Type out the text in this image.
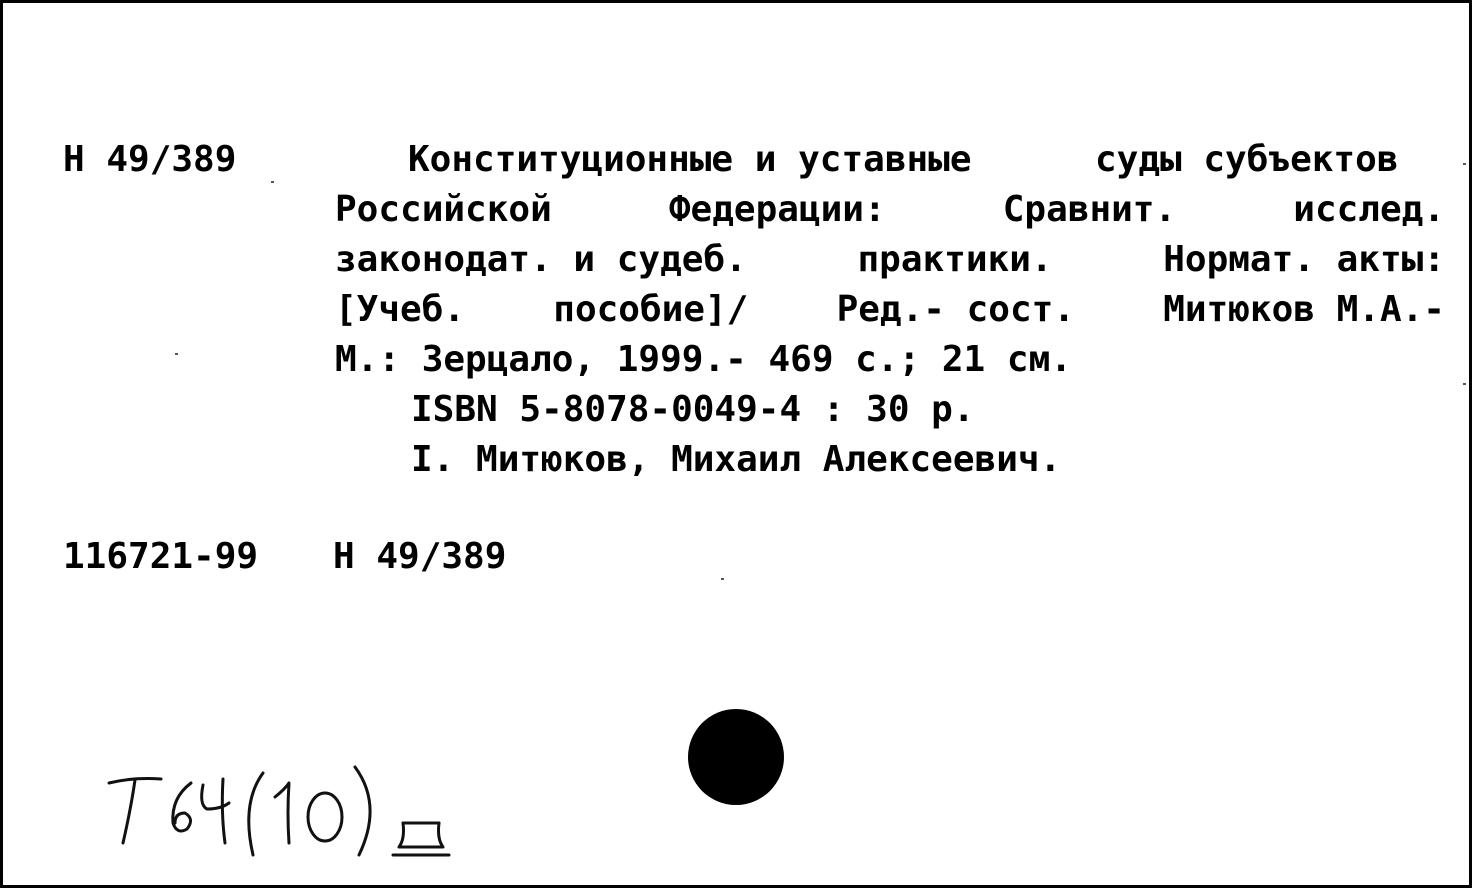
Н 49/389	Конституционные и уставные	суды субъектов
Российской	Федерации:	Сравнит.	исслед.
законодат. и судеб.	практики.	Нормат. акты:
[Учеб. пособие]/ Ред.- сост. Митюков М.А.-
М.: Зерцало, 1999.- 469 с.; 21 см.
ISBN 5-8078-0049-4 : 30 р.
I. Митюков, Михаил Алексеевич.
116721-99 Н 49/389
